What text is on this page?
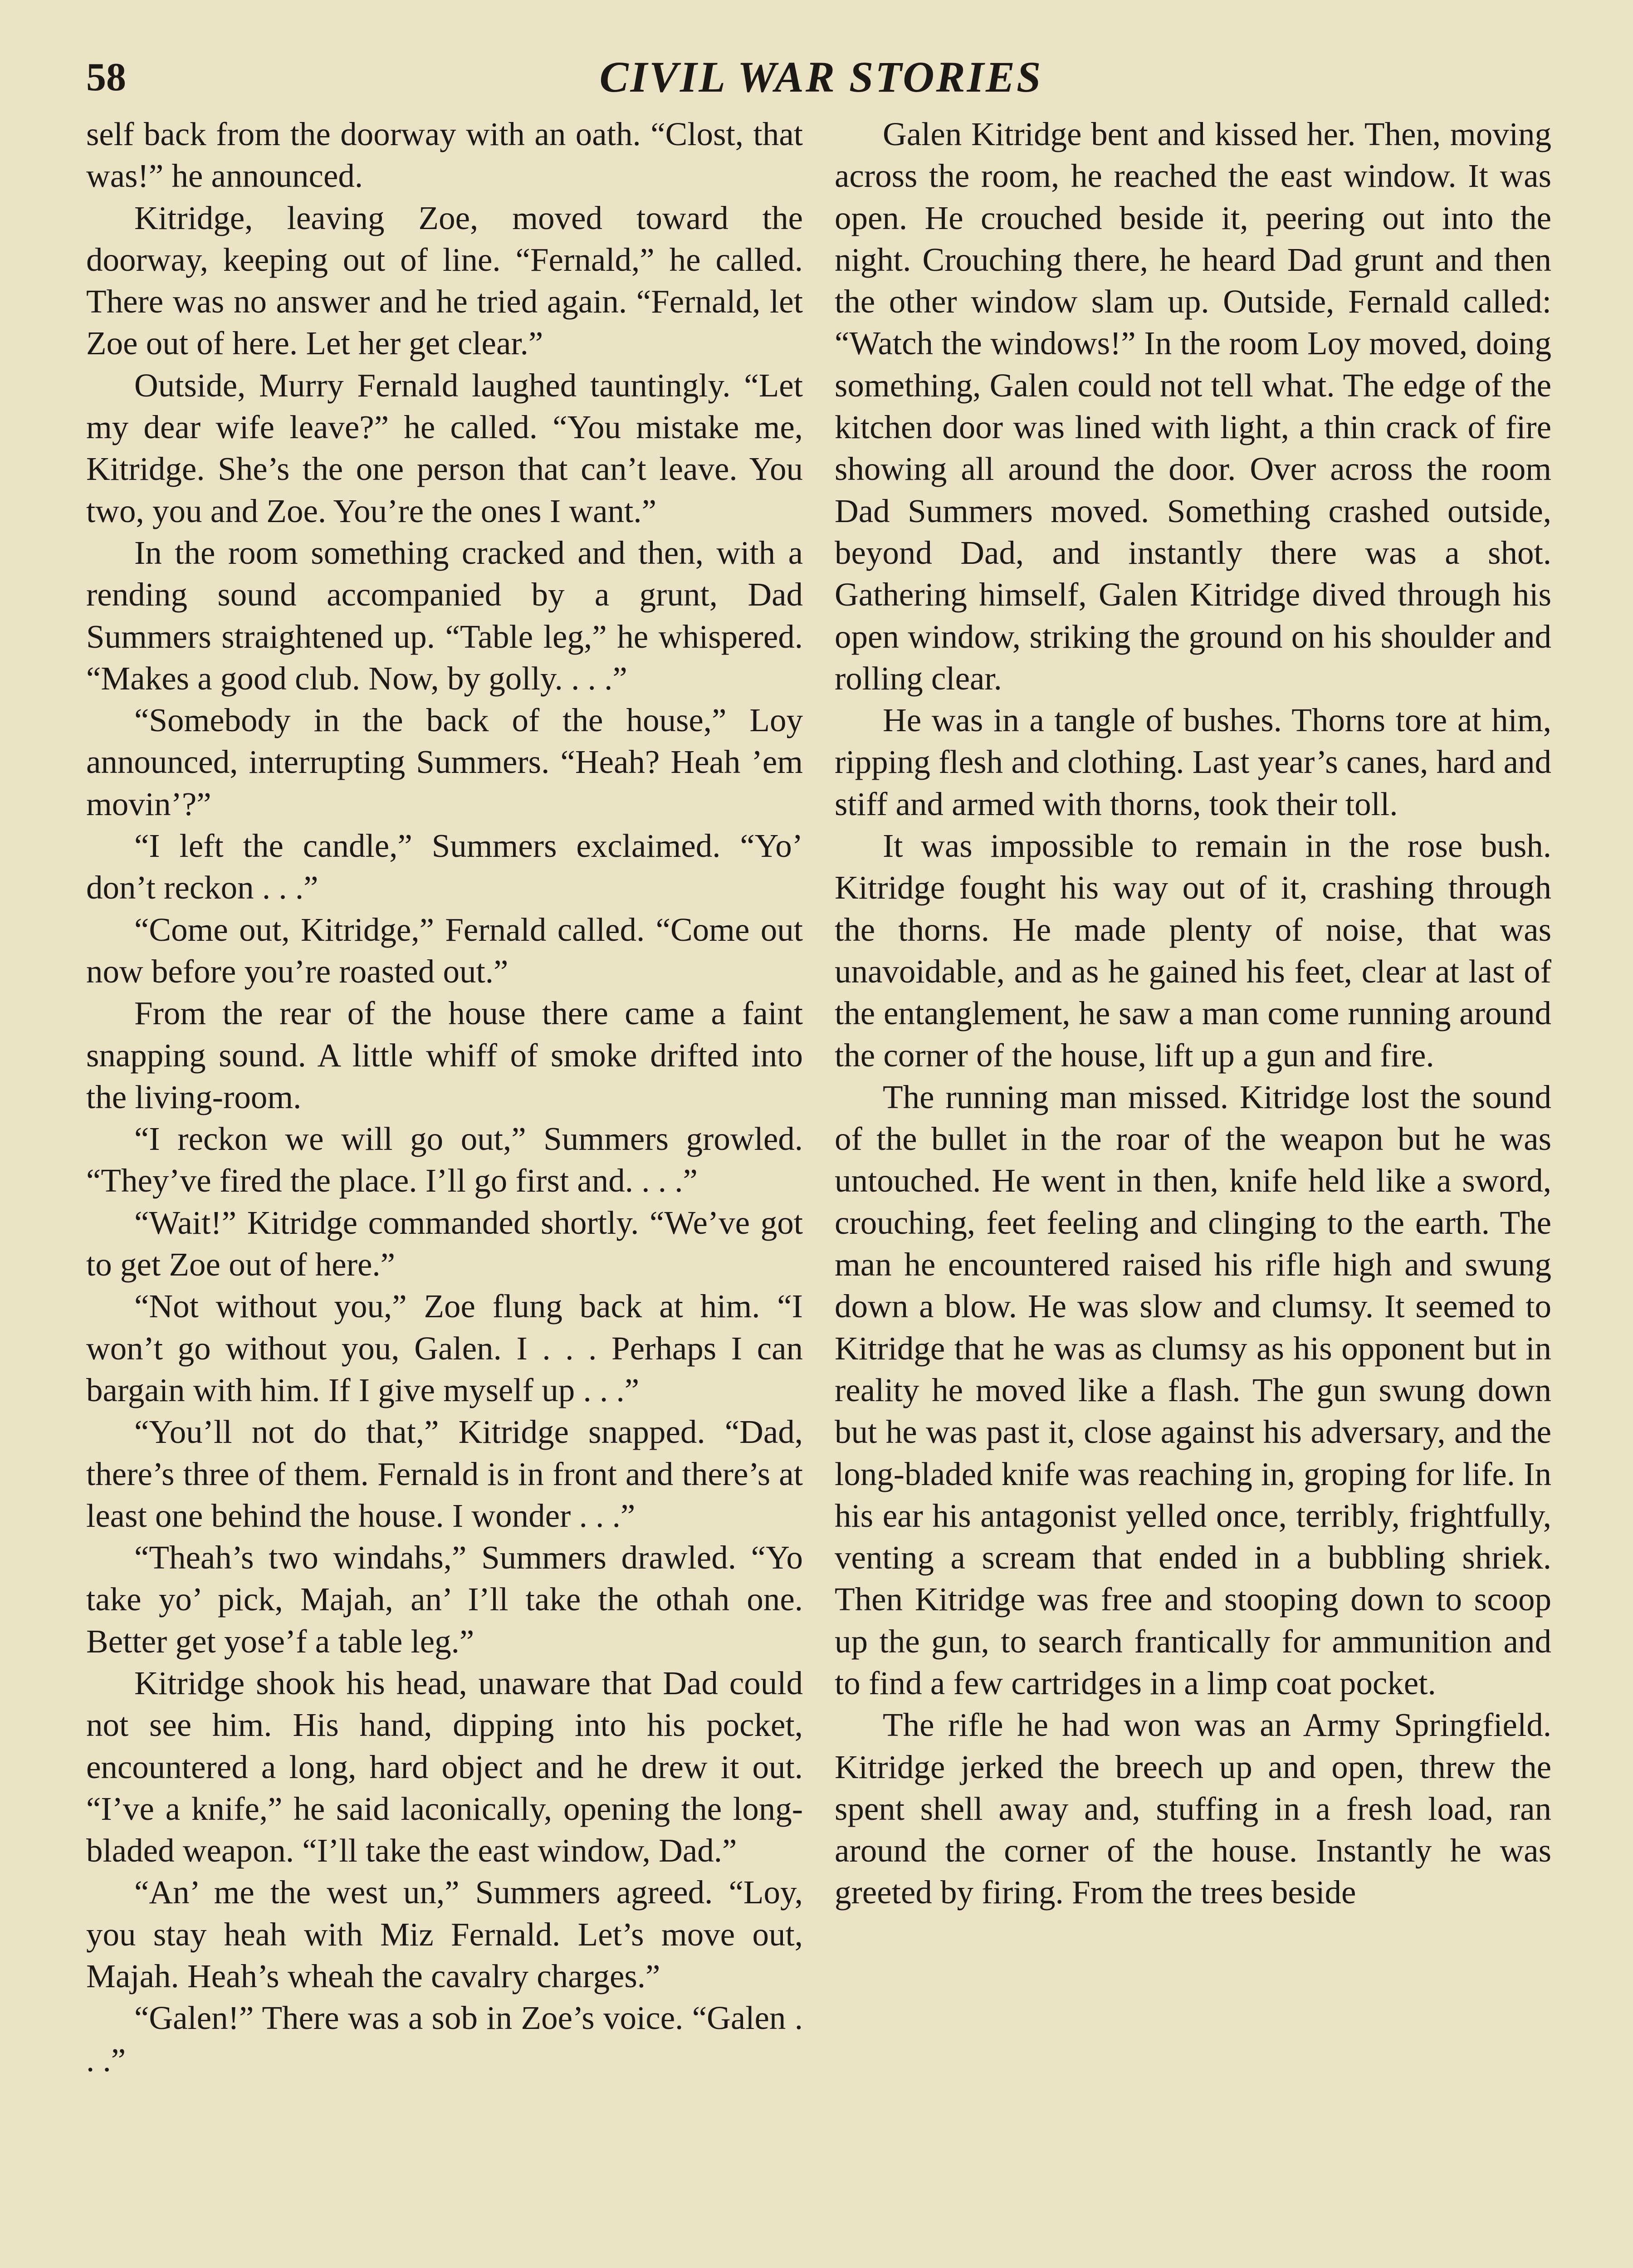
58	CIVIL WAR STORIES

self back from the doorway with an oath. “Clost, that was!” he announced.

Kitridge, leaving Zoe, moved toward the doorway, keeping out of line. “Fernald,” he called. There was no answer and he tried again. “Fernald, let Zoe out of here. Let her get clear.”

Outside, Murry Fernald laughed tauntingly. “Let my dear wife leave?” he called. “You mistake me, Kitridge. She’s the one person that can’t leave. You two, you and Zoe. You’re the ones I want.”

In the room something cracked and then, with a rending sound accompanied by a grunt, Dad Summers straightened up. “Table leg,” he whispered. “Makes a good club. Now, by golly. . . .”

“Somebody in the back of the house,” Loy announced, interrupting Summers. “Heah? Heah ’em movin’?”

“I left the candle,” Summers exclaimed. “Yo’ don’t reckon . . .”

“Come out, Kitridge,” Fernald called. “Come out now before you’re roasted out.”

From the rear of the house there came a faint snapping sound. A little whiff of smoke drifted into the living-room.

“I reckon we will go out,” Summers growled. “They’ve fired the place. I’ll go first and. . . .”

“Wait!” Kitridge commanded shortly. “We’ve got to get Zoe out of here.”

“Not without you,” Zoe flung back at him. “I won’t go without you, Galen. I . . . Perhaps I can bargain with him. If I give myself up . . .”

“You’ll not do that,” Kitridge snapped. “Dad, there’s three of them. Fernald is in front and there’s at least one behind the house. I wonder . . .”

“Theah’s two windahs,” Summers drawled. “Yo take yo’ pick, Majah, an’ I’ll take the othah one. Better get yose’f a table leg.”

Kitridge shook his head, unaware that Dad could not see him. His hand, dipping into his pocket, encountered a long, hard object and he drew it out. “I’ve a knife,” he said laconically, opening the long-bladed weapon. “I’ll take the east window, Dad.”

“An’ me the west un,” Summers agreed. “Loy, you stay heah with Miz Fernald. Let’s move out, Majah. Heah’s wheah the cavalry charges.”

“Galen!” There was a sob in Zoe’s voice. “Galen . . .”

Galen Kitridge bent and kissed her. Then, moving across the room, he reached the east window. It was open. He crouched beside it, peering out into the night. Crouching there, he heard Dad grunt and then the other window slam up. Outside, Fernald called: “Watch the windows!” In the room Loy moved, doing something, Galen could not tell what. The edge of the kitchen door was lined with light, a thin crack of fire showing all around the door. Over across the room Dad Summers moved. Something crashed outside, beyond Dad, and instantly there was a shot. Gathering himself, Galen Kitridge dived through his open window, striking the ground on his shoulder and rolling clear.

He was in a tangle of bushes. Thorns tore at him, ripping flesh and clothing. Last year’s canes, hard and stiff and armed with thorns, took their toll.

It was impossible to remain in the rose bush. Kitridge fought his way out of it, crashing through the thorns. He made plenty of noise, that was unavoidable, and as he gained his feet, clear at last of the entanglement, he saw a man come running around the corner of the house, lift up a gun and fire.

The running man missed. Kitridge lost the sound of the bullet in the roar of the weapon but he was untouched. He went in then, knife held like a sword, crouching, feet feeling and clinging to the earth. The man he encountered raised his rifle high and swung down a blow. He was slow and clumsy. It seemed to Kitridge that he was as clumsy as his opponent but in reality he moved like a flash. The gun swung down but he was past it, close against his adversary, and the long-bladed knife was reaching in, groping for life. In his ear his antagonist yelled once, terribly, frightfully, venting a scream that ended in a bubbling shriek. Then Kitridge was free and stooping down to scoop up the gun, to search frantically for ammunition and to find a few cartridges in a limp coat pocket.

The rifle he had won was an Army Springfield. Kitridge jerked the breech up and open, threw the spent shell away and, stuffing in a fresh load, ran around the corner of the house. Instantly he was greeted by firing. From the trees beside
